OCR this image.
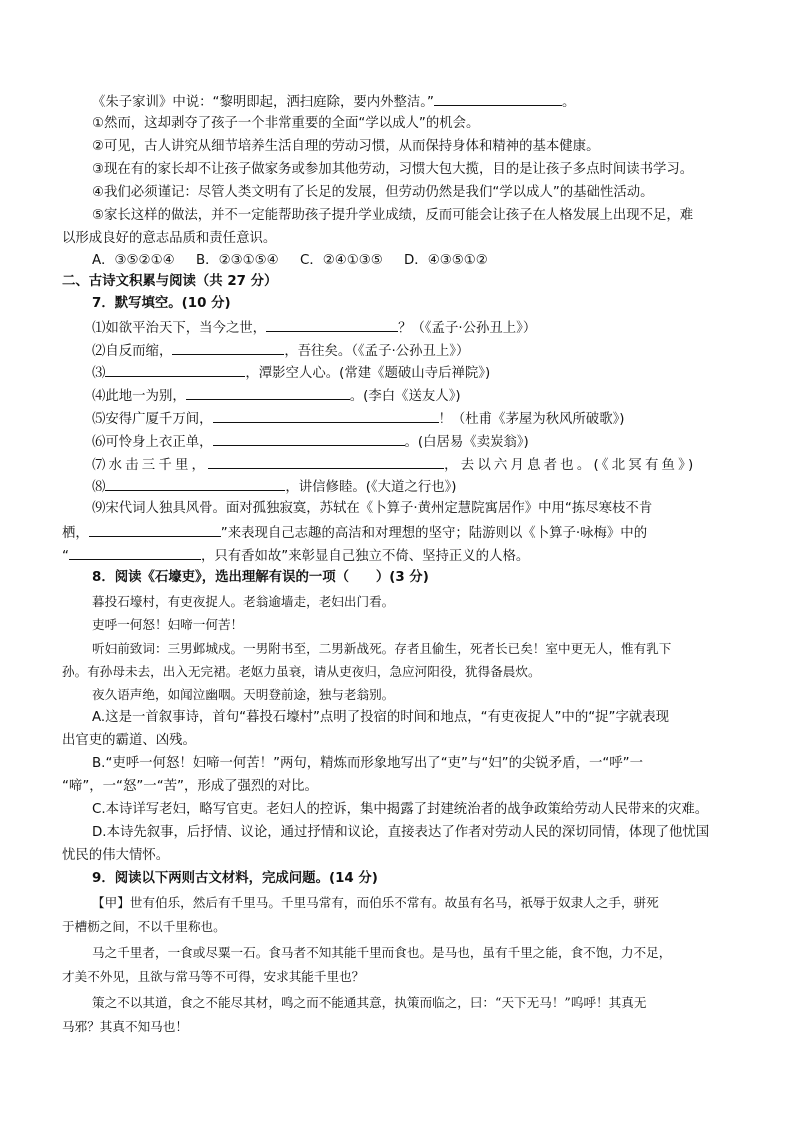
《朱子家训》中说：“黎明即起，洒扫庭除，要内外整洁。”	。
①然而，这却剥夺了孩子一个非常重要的全面“学以成人”的机会。
②可见，古人讲究从细节培养生活自理的劳动习惯，从而保持身体和精神的基本健康。
③现在有的家长却不让孩子做家务或参加其他劳动，习惯大包大揽，目的是让孩子多点时间读书学习。
④我们必须谨记：尽管人类文明有了长足的发展，但劳动仍然是我们“学以成人”的基础性活动。
⑤家长这样的做法，并不一定能帮助孩子提升学业成绩，反而可能会让孩子在人格发展上出现不足，难
以形成良好的意志品质和责任意识。
A．③⑤②①④ B．②③①⑤④ C．②④①③⑤ D．④③⑤①②
二、古诗文积累与阅读（共 27 分）
7．默写填空。(10 分)
⑴如欲平治天下，当今之世，	？（《孟子·公孙丑上》）
⑵自反而缩，	，吾往矣。（《孟子·公孙丑上》）
⑶	，潭影空人心。(常建《题破山寺后禅院》)
⑷此地一为别，	。(李白《送友人》)
⑸安得广厦千万间，	！（杜甫《茅屋为秋风所破歌》)
⑹可怜身上衣正单，	。(白居易《卖炭翁》)
⑺水击三千里，	，去以六月息者也。(《北冥有鱼》)
⑻	，讲信修睦。(《大道之行也》)
⑼宋代词人独具风骨。面对孤独寂寞，苏轼在《卜算子·黄州定慧院寓居作》中用“拣尽寒枝不肯
栖，	”来表现自己志趣的高洁和对理想的坚守；陆游则以《卜算子·咏梅》中的
“	，只有香如故”来彰显自己独立不倚、坚持正义的人格。
8．阅读《石壕吏》，选出理解有误的一项（　　）(3 分)
暮投石壕村，有吏夜捉人。老翁逾墙走，老妇出门看。
吏呼一何怒！妇啼一何苦！
听妇前致词：三男邺城戍。一男附书至，二男新战死。存者且偷生，死者长已矣！室中更无人，惟有乳下
孙。有孙母未去，出入无完裙。老妪力虽衰，请从吏夜归，急应河阳役，犹得备晨炊。
夜久语声绝，如闻泣幽咽。天明登前途，独与老翁别。
A.这是一首叙事诗，首句“暮投石壕村”点明了投宿的时间和地点，“有吏夜捉人”中的“捉”字就表现
出官吏的霸道、凶残。
B.“吏呼一何怒！妇啼一何苦！”两句，精炼而形象地写出了“吏”与“妇”的尖锐矛盾，一“呼”一
“啼”，一“怒”一“苦”，形成了强烈的对比。
C.本诗详写老妇，略写官吏。老妇人的控诉，集中揭露了封建统治者的战争政策给劳动人民带来的灾难。
D.本诗先叙事，后抒情、议论，通过抒情和议论，直接表达了作者对劳动人民的深切同情，体现了他忧国
忧民的伟大情怀。
9．阅读以下两则古文材料，完成问题。(14 分)
【甲】世有伯乐，然后有千里马。千里马常有，而伯乐不常有。故虽有名马，祇辱于奴隶人之手，骈死
于槽枥之间，不以千里称也。
马之千里者，一食或尽粟一石。食马者不知其能千里而食也。是马也，虽有千里之能，食不饱，力不足，
才美不外见，且欲与常马等不可得，安求其能千里也？
策之不以其道，食之不能尽其材，鸣之而不能通其意，执策而临之，曰：“天下无马！”呜呼！其真无
马邪？其真不知马也！
